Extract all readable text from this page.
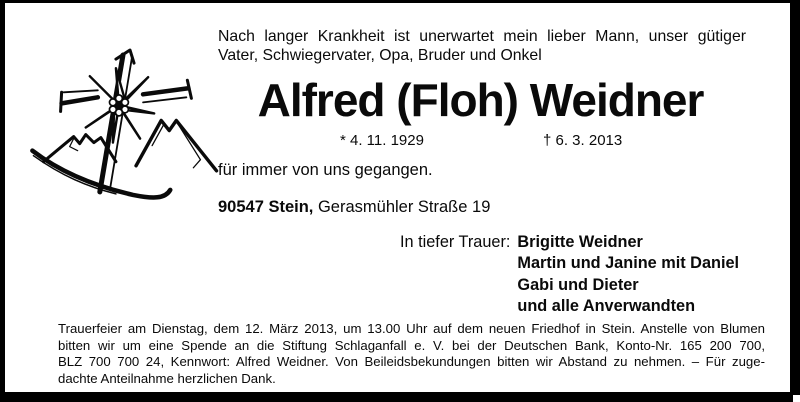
Nach langer Krankheit ist unerwartet mein lieber Mann, unser gütiger
Vater, Schwiegervater, Opa, Bruder und Onkel
Alfred (Floh) Weidner
* 4. 11. 1929	† 6. 3. 2013
für immer von uns gegangen.
90547 Stein, Gerasmühler Straße 19
In tiefer Trauer: Brigitte Weidner
Martin und Janine mit Daniel
Gabi und Dieter
und alle Anverwandten
Trauerfeier am Dienstag, dem 12. März 2013, um 13.00 Uhr auf dem neuen Friedhof in Stein. Anstelle von Blumen
bitten wir um eine Spende an die Stiftung Schlaganfall e. V. bei der Deutschen Bank, Konto-Nr. 165 200 700,
BLZ 700 700 24, Kennwort: Alfred Weidner. Von Beileidsbekundungen bitten wir Abstand zu nehmen. – Für zuge-
dachte Anteilnahme herzlichen Dank.
